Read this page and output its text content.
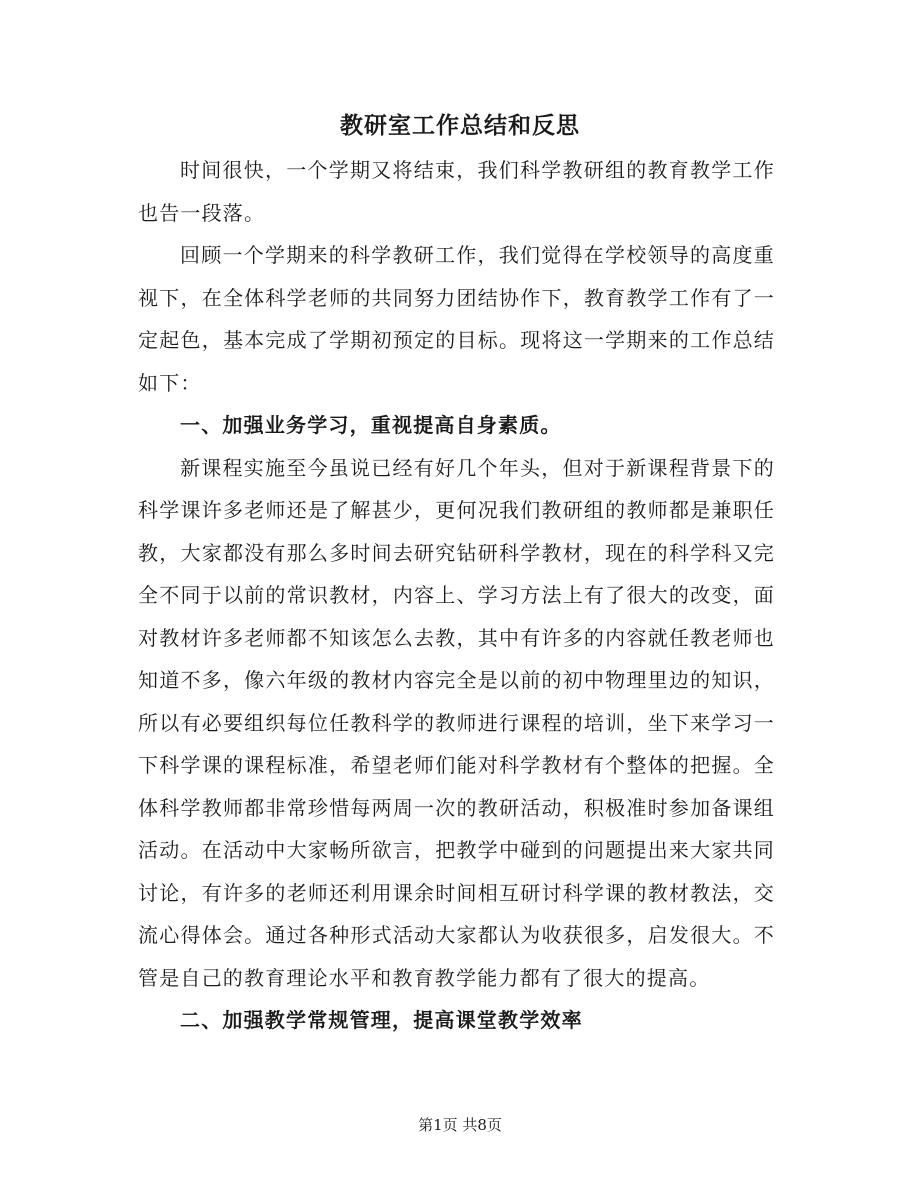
教研室工作总结和反思

时间很快，一个学期又将结束，我们科学教研组的教育教学工作也告一段落。

回顾一个学期来的科学教研工作，我们觉得在学校领导的高度重视下，在全体科学老师的共同努力团结协作下，教育教学工作有了一定起色，基本完成了学期初预定的目标。现将这一学期来的工作总结如下：

一、加强业务学习，重视提高自身素质。

新课程实施至今虽说已经有好几个年头，但对于新课程背景下的科学课许多老师还是了解甚少，更何况我们教研组的教师都是兼职任教，大家都没有那么多时间去研究钻研科学教材，现在的科学科又完全不同于以前的常识教材，内容上、学习方法上有了很大的改变，面对教材许多老师都不知该怎么去教，其中有许多的内容就任教老师也知道不多，像六年级的教材内容完全是以前的初中物理里边的知识，所以有必要组织每位任教科学的教师进行课程的培训，坐下来学习一下科学课的课程标准，希望老师们能对科学教材有个整体的把握。全体科学教师都非常珍惜每两周一次的教研活动，积极准时参加备课组活动。在活动中大家畅所欲言，把教学中碰到的问题提出来大家共同讨论，有许多的老师还利用课余时间相互研讨科学课的教材教法，交流心得体会。通过各种形式活动大家都认为收获很多，启发很大。不管是自己的教育理论水平和教育教学能力都有了很大的提高。

二、加强教学常规管理，提高课堂教学效率

第1页 共8页
